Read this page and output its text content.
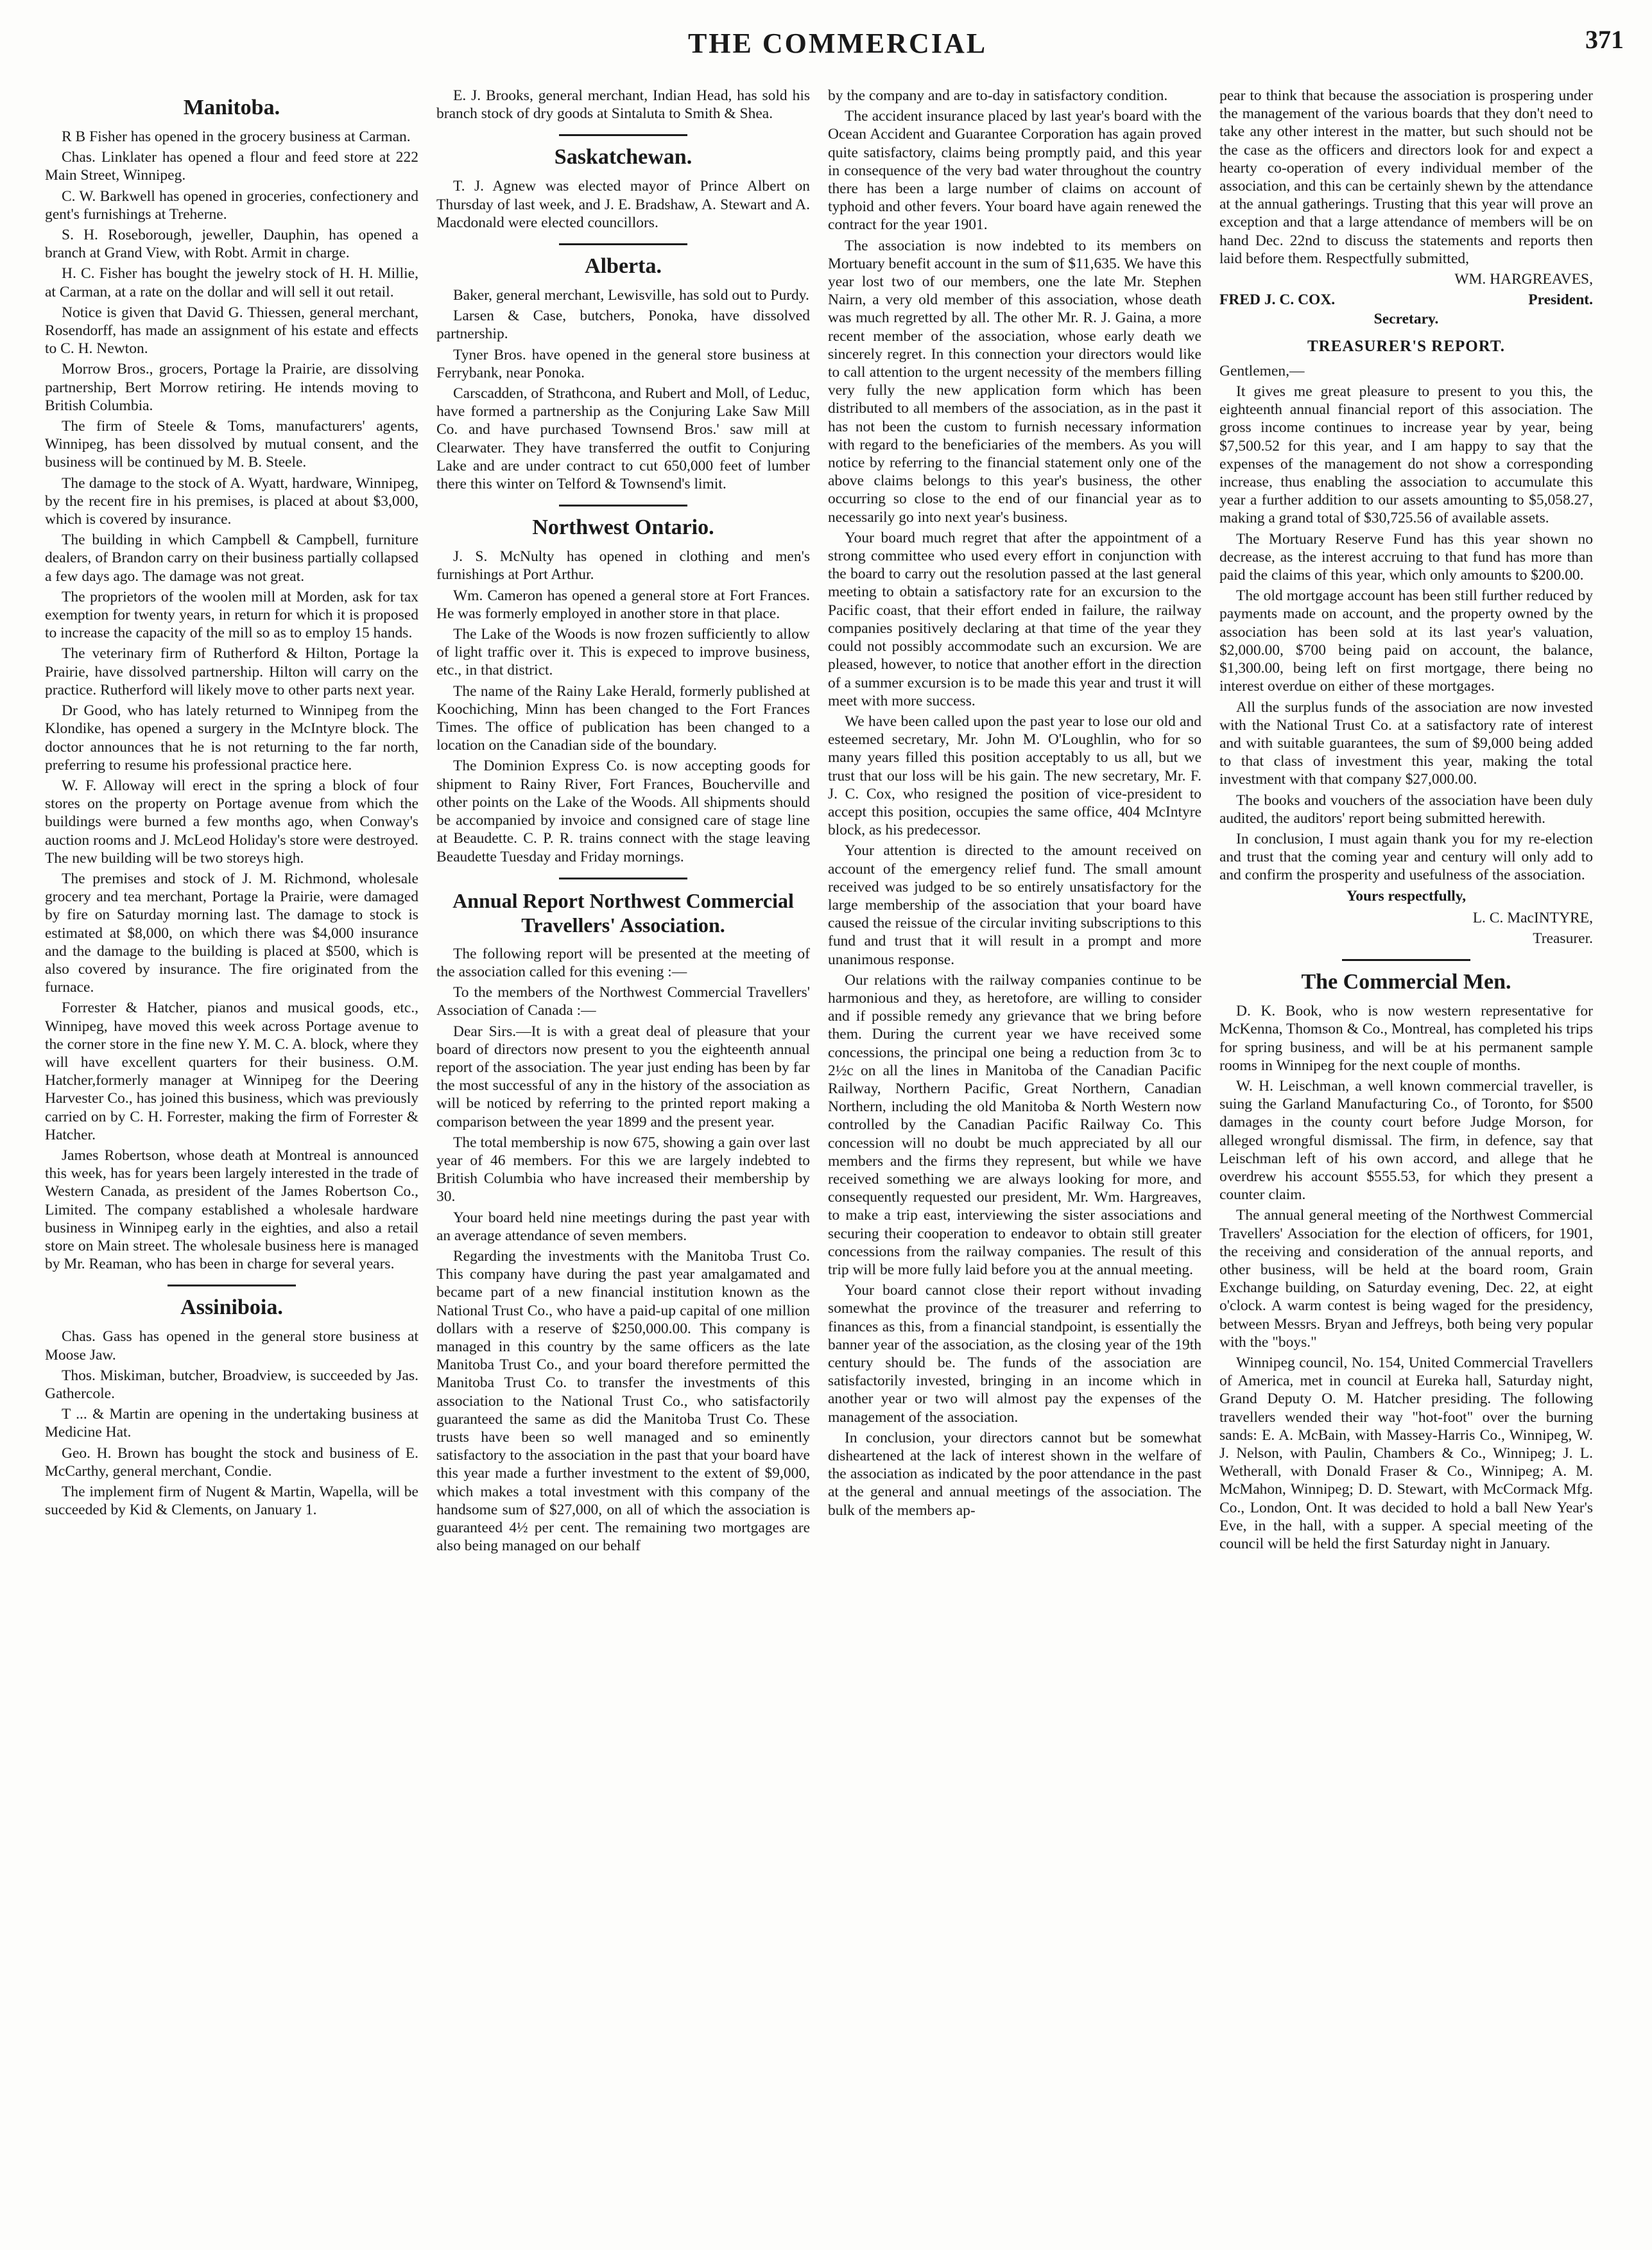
THE COMMERCIAL	371
Manitoba.

R B Fisher has opened in the grocery business at Carman.

Chas. Linklater has opened a flour and feed store at 222 Main Street, Winnipeg.

C. W. Barkwell has opened in groceries, confectionery and gent's furnishings at Treherne.

S. H. Roseborough, jeweller, Dauphin, has opened a branch at Grand View, with Robt. Armit in charge.

H. C. Fisher has bought the jewelry stock of H. H. Millie, at Carman, at a rate on the dollar and will sell it out retail.

Notice is given that David G. Thiessen, general merchant, Rosendorff, has made an assignment of his estate and effects to C. H. Newton.

Morrow Bros., grocers, Portage la Prairie, are dissolving partnership, Bert Morrow retiring. He intends moving to British Columbia.

The firm of Steele & Toms, manufacturers' agents, Winnipeg, has been dissolved by mutual consent, and the business will be continued by M. B. Steele.

The damage to the stock of A. Wyatt, hardware, Winnipeg, by the recent fire in his premises, is placed at about $3,000, which is covered by insurance.

The building in which Campbell & Campbell, furniture dealers, of Brandon carry on their business partially collapsed a few days ago. The damage was not great.

The proprietors of the woolen mill at Morden, ask for tax exemption for twenty years, in return for which it is proposed to increase the capacity of the mill so as to employ 15 hands.

The veterinary firm of Rutherford & Hilton, Portage la Prairie, have dissolved partnership. Hilton will carry on the practice. Rutherford will likely move to other parts next year.

Dr Good, who has lately returned to Winnipeg from the Klondike, has opened a surgery in the McIntyre block. The doctor announces that he is not returning to the far north, preferring to resume his professional practice here.

W. F. Alloway will erect in the spring a block of four stores on the property on Portage avenue from which the buildings were burned a few months ago, when Conway's auction rooms and J. McLeod Holiday's store were destroyed. The new building will be two storeys high.

The premises and stock of J. M. Richmond, wholesale grocery and tea merchant, Portage la Prairie, were damaged by fire on Saturday morning last. The damage to stock is estimated at $8,000, on which there was $4,000 insurance and the damage to the building is placed at $500, which is also covered by insurance. The fire originated from the furnace.

Forrester & Hatcher, pianos and musical goods, etc., Winnipeg, have moved this week across Portage avenue to the corner store in the fine new Y. M. C. A. block, where they will have excellent quarters for their business. O.M. Hatcher,formerly manager at Winnipeg for the Deering Harvester Co., has joined this business, which was previously carried on by C. H. Forrester, making the firm of Forrester & Hatcher.

James Robertson, whose death at Montreal is announced this week, has for years been largely interested in the trade of Western Canada, as president of the James Robertson Co., Limited. The company established a wholesale hardware business in Winnipeg early in the eighties, and also a retail store on Main street. The wholesale business here is managed by Mr. Reaman, who has been in charge for several years.

Assiniboia.

Chas. Gass has opened in the general store business at Moose Jaw.

Thos. Miskiman, butcher, Broadview, is succeeded by Jas. Gathercole.

T ... & Martin are opening in the undertaking business at Medicine Hat.

Geo. H. Brown has bought the stock and business of E. McCarthy, general merchant, Condie.

The implement firm of Nugent & Martin, Wapella, will be succeeded by Kid & Clements, on January 1.

E. J. Brooks, general merchant, Indian Head, has sold his branch stock of dry goods at Sintaluta to Smith & Shea.

Saskatchewan.

T. J. Agnew was elected mayor of Prince Albert on Thursday of last week, and J. E. Bradshaw, A. Stewart and A. Macdonald were elected councillors.

Alberta.

Baker, general merchant, Lewisville, has sold out to Purdy.

Larsen & Case, butchers, Ponoka, have dissolved partnership.

Tyner Bros. have opened in the general store business at Ferrybank, near Ponoka.

Carscadden, of Strathcona, and Rubert and Moll, of Leduc, have formed a partnership as the Conjuring Lake Saw Mill Co. and have purchased Townsend Bros.' saw mill at Clearwater. They have transferred the outfit to Conjuring Lake and are under contract to cut 650,000 feet of lumber there this winter on Telford & Townsend's limit.

Northwest Ontario.

J. S. McNulty has opened in clothing and men's furnishings at Port Arthur.

Wm. Cameron has opened a general store at Fort Frances. He was formerly employed in another store in that place.

The Lake of the Woods is now frozen sufficiently to allow of light traffic over it. This is expeced to improve business, etc., in that district.

The name of the Rainy Lake Herald, formerly published at Koochiching, Minn has been changed to the Fort Frances Times. The office of publication has been changed to a location on the Canadian side of the boundary.

The Dominion Express Co. is now accepting goods for shipment to Rainy River, Fort Frances, Boucherville and other points on the Lake of the Woods. All shipments should be accompanied by invoice and consigned care of stage line at Beaudette. C. P. R. trains connect with the stage leaving Beaudette Tuesday and Friday mornings.

Annual Report Northwest Commercial Travellers' Association.

The following report will be presented at the meeting of the association called for this evening :—

To the members of the Northwest Commercial Travellers' Association of Canada :—

Dear Sirs.—It is with a great deal of pleasure that your board of directors now present to you the eighteenth annual report of the association. The year just ending has been by far the most successful of any in the history of the association as will be noticed by referring to the printed report making a comparison between the year 1899 and the present year.

The total membership is now 675, showing a gain over last year of 46 members. For this we are largely indebted to British Columbia who have increased their membership by 30.

Your board held nine meetings during the past year with an average attendance of seven members.

Regarding the investments with the Manitoba Trust Co. This company have during the past year amalgamated and became part of a new financial institution known as the National Trust Co., who have a paid-up capital of one million dollars with a reserve of $250,000.00. This company is managed in this country by the same officers as the late Manitoba Trust Co., and your board therefore permitted the Manitoba Trust Co. to transfer the investments of this association to the National Trust Co., who satisfactorily guaranteed the same as did the Manitoba Trust Co. These trusts have been so well managed and so eminently satisfactory to the association in the past that your board have this year made a further investment to the extent of $9,000, which makes a total investment with this company of the handsome sum of $27,000, on all of which the association is guaranteed 4½ per cent. The remaining two mortgages are also being managed on our behalf

by the company and are to-day in satisfactory condition.

The accident insurance placed by last year's board with the Ocean Accident and Guarantee Corporation has again proved quite satisfactory, claims being promptly paid, and this year in consequence of the very bad water throughout the country there has been a large number of claims on account of typhoid and other fevers. Your board have again renewed the contract for the year 1901.

The association is now indebted to its members on Mortuary benefit account in the sum of $11,635. We have this year lost two of our members, one the late Mr. Stephen Nairn, a very old member of this association, whose death was much regretted by all. The other Mr. R. J. Gaina, a more recent member of the association, whose early death we sincerely regret. In this connection your directors would like to call attention to the urgent necessity of the members filling very fully the new application form which has been distributed to all members of the association, as in the past it has not been the custom to furnish necessary information with regard to the beneficiaries of the members. As you will notice by referring to the financial statement only one of the above claims belongs to this year's business, the other occurring so close to the end of our financial year as to necessarily go into next year's business.

Your board much regret that after the appointment of a strong committee who used every effort in conjunction with the board to carry out the resolution passed at the last general meeting to obtain a satisfactory rate for an excursion to the Pacific coast, that their effort ended in failure, the railway companies positively declaring at that time of the year they could not possibly accommodate such an excursion. We are pleased, however, to notice that another effort in the direction of a summer excursion is to be made this year and trust it will meet with more success.

We have been called upon the past year to lose our old and esteemed secretary, Mr. John M. O'Loughlin, who for so many years filled this position acceptably to us all, but we trust that our loss will be his gain. The new secretary, Mr. F. J. C. Cox, who resigned the position of vice-president to accept this position, occupies the same office, 404 McIntyre block, as his predecessor.

Your attention is directed to the amount received on account of the emergency relief fund. The small amount received was judged to be so entirely unsatisfactory for the large membership of the association that your board have caused the reissue of the circular inviting subscriptions to this fund and trust that it will result in a prompt and more unanimous response.

Our relations with the railway companies continue to be harmonious and they, as heretofore, are willing to consider and if possible remedy any grievance that we bring before them. During the current year we have received some concessions, the principal one being a reduction from 3c to 2½c on all the lines in Manitoba of the Canadian Pacific Railway, Northern Pacific, Great Northern, Canadian Northern, including the old Manitoba & North Western now controlled by the Canadian Pacific Railway Co. This concession will no doubt be much appreciated by all our members and the firms they represent, but while we have received something we are always looking for more, and consequently requested our president, Mr. Wm. Hargreaves, to make a trip east, interviewing the sister associations and securing their cooperation to endeavor to obtain still greater concessions from the railway companies. The result of this trip will be more fully laid before you at the annual meeting.

Your board cannot close their report without invading somewhat the province of the treasurer and referring to finances as this, from a financial standpoint, is essentially the banner year of the association, as the closing year of the 19th century should be. The funds of the association are satisfactorily invested, bringing in an income which in another year or two will almost pay the expenses of the management of the association.

In conclusion, your directors cannot but be somewhat disheartened at the lack of interest shown in the welfare of the association as indicated by the poor attendance in the past at the general and annual meetings of the association. The bulk of the members ap-

pear to think that because the association is prospering under the management of the various boards that they don't need to take any other interest in the matter, but such should not be the case as the officers and directors look for and expect a hearty co-operation of every individual member of the association, and this can be certainly shewn by the attendance at the annual gatherings. Trusting that this year will prove an exception and that a large attendance of members will be on hand Dec. 22nd to discuss the statements and reports then laid before them. Respectfully submitted,

WM. HARGREAVES,

FRED J. C. COX.	President.
Secretary.
TREASURER'S REPORT.

Gentlemen,—

It gives me great pleasure to present to you this, the eighteenth annual financial report of this association. The gross income continues to increase year by year, being $7,500.52 for this year, and I am happy to say that the expenses of the management do not show a corresponding increase, thus enabling the association to accumulate this year a further addition to our assets amounting to $5,058.27, making a grand total of $30,725.56 of available assets.

The Mortuary Reserve Fund has this year shown no decrease, as the interest accruing to that fund has more than paid the claims of this year, which only amounts to $200.00.

The old mortgage account has been still further reduced by payments made on account, and the property owned by the association has been sold at its last year's valuation, $2,000.00, $700 being paid on account, the balance, $1,300.00, being left on first mortgage, there being no interest overdue on either of these mortgages.

All the surplus funds of the association are now invested with the National Trust Co. at a satisfactory rate of interest and with suitable guarantees, the sum of $9,000 being added to that class of investment this year, making the total investment with that company $27,000.00.

The books and vouchers of the association have been duly audited, the auditors' report being submitted herewith.

In conclusion, I must again thank you for my re-election and trust that the coming year and century will only add to and confirm the prosperity and usefulness of the association.

Yours respectfully,

L. C. MacINTYRE,

Treasurer.

The Commercial Men.

D. K. Book, who is now western representative for McKenna, Thomson & Co., Montreal, has completed his trips for spring business, and will be at his permanent sample rooms in Winnipeg for the next couple of months.

W. H. Leischman, a well known commercial traveller, is suing the Garland Manufacturing Co., of Toronto, for $500 damages in the county court before Judge Morson, for alleged wrongful dismissal. The firm, in defence, say that Leischman left of his own accord, and allege that he overdrew his account $555.53, for which they present a counter claim.

The annual general meeting of the Northwest Commercial Travellers' Association for the election of officers, for 1901, the receiving and consideration of the annual reports, and other business, will be held at the board room, Grain Exchange building, on Saturday evening, Dec. 22, at eight o'clock. A warm contest is being waged for the presidency, between Messrs. Bryan and Jeffreys, both being very popular with the "boys."

Winnipeg council, No. 154, United Commercial Travellers of America, met in council at Eureka hall, Saturday night, Grand Deputy O. M. Hatcher presiding. The following travellers wended their way "hot-foot" over the burning sands: E. A. McBain, with Massey-Harris Co., Winnipeg, W. J. Nelson, with Paulin, Chambers & Co., Winnipeg; J. L. Wetherall, with Donald Fraser & Co., Winnipeg; A. M. McMahon, Winnipeg; D. D. Stewart, with McCormack Mfg. Co., London, Ont. It was decided to hold a ball New Year's Eve, in the hall, with a supper. A special meeting of the council will be held the first Saturday night in January.
